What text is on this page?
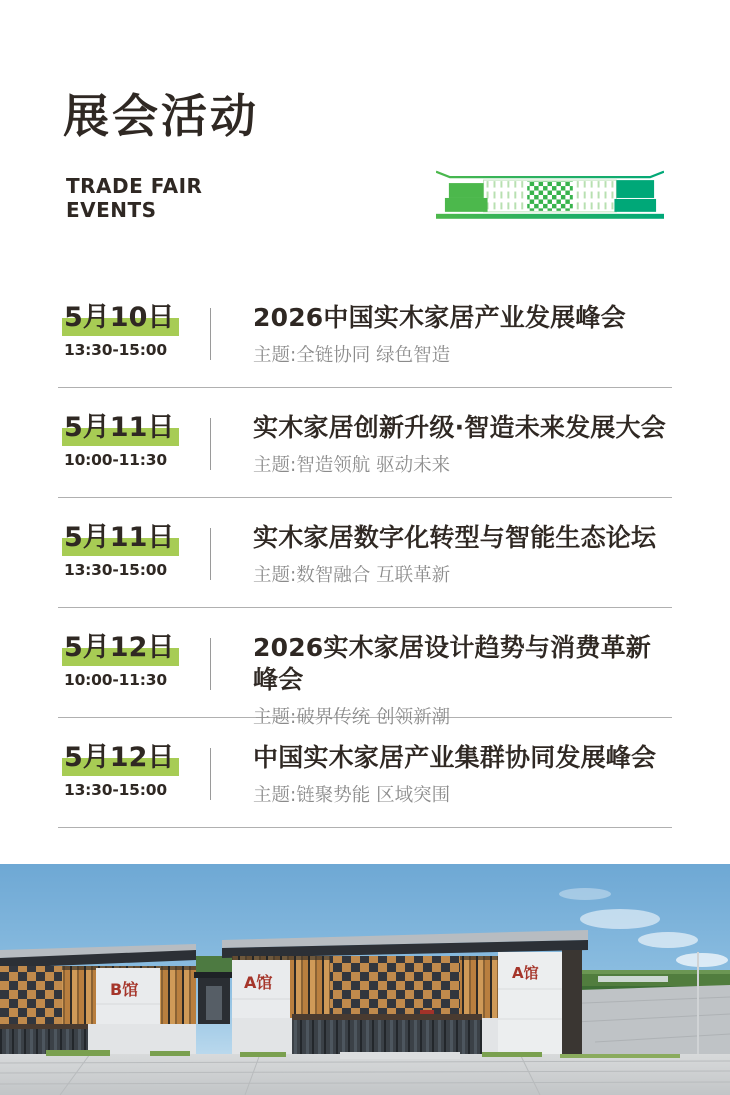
展会活动
TRADE FAIR
EVENTS
5月10日
13:30-15:00
2026中国实木家居产业发展峰会
主题:全链协同 绿色智造
5月11日
10:00-11:30
实木家居创新升级·智造未来发展大会
主题:智造领航 驱动未来
5月11日
13:30-15:00
实木家居数字化转型与智能生态论坛
主题:数智融合 互联革新
5月12日
10:00-11:30
2026实木家居设计趋势与消费革新峰会
主题:破界传统 创领新潮
5月12日
13:30-15:00
中国实木家居产业集群协同发展峰会
主题:链聚势能 区域突围
B馆	A馆	A馆
